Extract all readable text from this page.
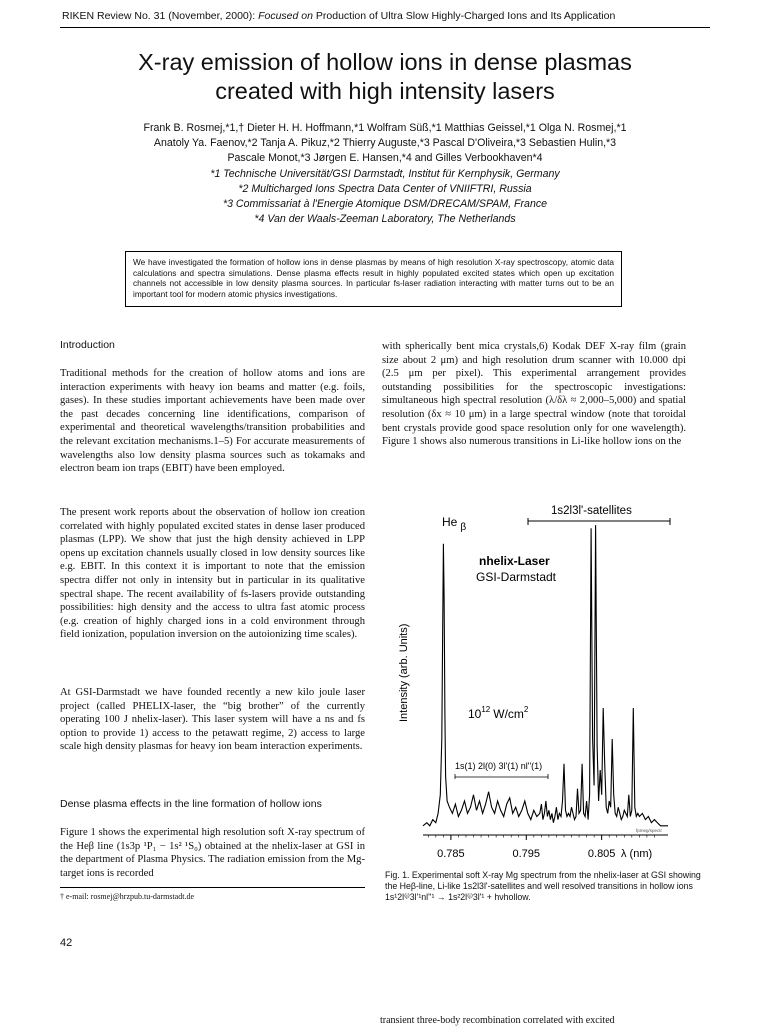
RIKEN Review No. 31 (November, 2000): Focused on Production of Ultra Slow Highly-Charged Ions and Its Application
X-ray emission of hollow ions in dense plasmas
created with high intensity lasers
Frank B. Rosmej,*1,† Dieter H. H. Hoffmann,*1 Wolfram Süß,*1 Matthias Geissel,*1 Olga N. Rosmej,*1
Anatoly Ya. Faenov,*2 Tanja A. Pikuz,*2 Thierry Auguste,*3 Pascal D'Oliveira,*3 Sebastien Hulin,*3
Pascale Monot,*3 Jørgen E. Hansen,*4 and Gilles Verbookhaven*4
*1 Technische Universität/GSI Darmstadt, Institut für Kernphysik, Germany
*2 Multicharged Ions Spectra Data Center of VNIIFTRI, Russia
*3 Commissariat à l'Energie Atomique DSM/DRECAM/SPAM, France
*4 Van der Waals-Zeeman Laboratory, The Netherlands
We have investigated the formation of hollow ions in dense plasmas by means of high resolution X-ray spectroscopy, atomic data calculations and spectra simulations. Dense plasma effects result in highly populated excited states which open up excitation channels not accessible in low density plasma sources. In particular fs-laser radiation interacting with matter turns out to be an important tool for modern atomic physics investigations.
Introduction

Traditional methods for the creation of hollow atoms and ions are interaction experiments with heavy ion beams and matter (e.g. foils, gases). In these studies important achievements have been made over the past decades concerning line identifications, comparison of experimental and theoretical wavelengths/transition probabilities and the relevant excitation mechanisms.1–5) For accurate measurements of wavelengths also low density plasma sources such as tokamaks and electron beam ion traps (EBIT) have been employed.

The present work reports about the observation of hollow ion creation correlated with highly populated excited states in dense laser produced plasmas (LPP). We show that just the high density achieved in LPP opens up excitation channels usually closed in low density sources like e.g. EBIT. In this context it is important to note that the emission spectra differ not only in intensity but in particular in its qualitative spectral shape. The recent availability of fs-lasers provide outstanding possibilities: high density and the access to ultra fast atomic process (e.g. creation of highly charged ions in a cold environment through field ionization, population inversion on the autoionizing time scales).

At GSI-Darmstadt we have founded recently a new kilo joule laser project (called PHELIX-laser, the “big brother” of the currently operating 100 J nhelix-laser). This laser system will have a ns and fs option to provide 1) access to the petawatt regime, 2) access to large scale high density plasmas for heavy ion beam interaction experiments.

Dense plasma effects in the line formation of hollow ions

Figure 1 shows the experimental high resolution soft X-ray spectrum of the Heβ line (1s3p ¹P₁ − 1s² ¹S₀) obtained at the nhelix-laser at GSI in the department of Plasma Physics. The radiation emission from the Mg-target ions is recorded

† e-mail: rosmej@hrzpub.tu-darmstadt.de
42

with spherically bent mica crystals,6) Kodak DEF X-ray film (grain size about 2 μm) and high resolution drum scanner with 10.000 dpi (2.5 μm per pixel). This experimental arrangement provides outstanding possibilities for the spectroscopic investigations: simultaneous high spectral resolution (λ/δλ ≈ 2,000–5,000) and spatial resolution (δx ≈ 10 μm) in a large spectral window (note that toroidal bent crystals provide good space resolution only for one wavelength). Figure 1 shows also numerous transitions in Li-like hollow ions on the

0.785	0.795	0.805 λ (nm)
Intensity (arb. Units)
He $_\beta$
1s2l3l'-satellites
nhelix-Laser
GSI-Darmstadt
$10^{12}$ $W/cm^2$
1s(1) 2l(0) 3l'(1) nl''(1)
fpmeg/spectr
Fig. 1. Experimental soft X-ray Mg spectrum from the nhelix-laser at GSI showing the Heβ-line, Li-like 1s2l3l'-satellites and well resolved transitions in hollow ions 1s¹2l⁽ʲ⁾3l'¹nl''¹ → 1s²2l⁽ʲ⁾3l'¹ + hνhollow.
transient three-body recombination correlated with excited
